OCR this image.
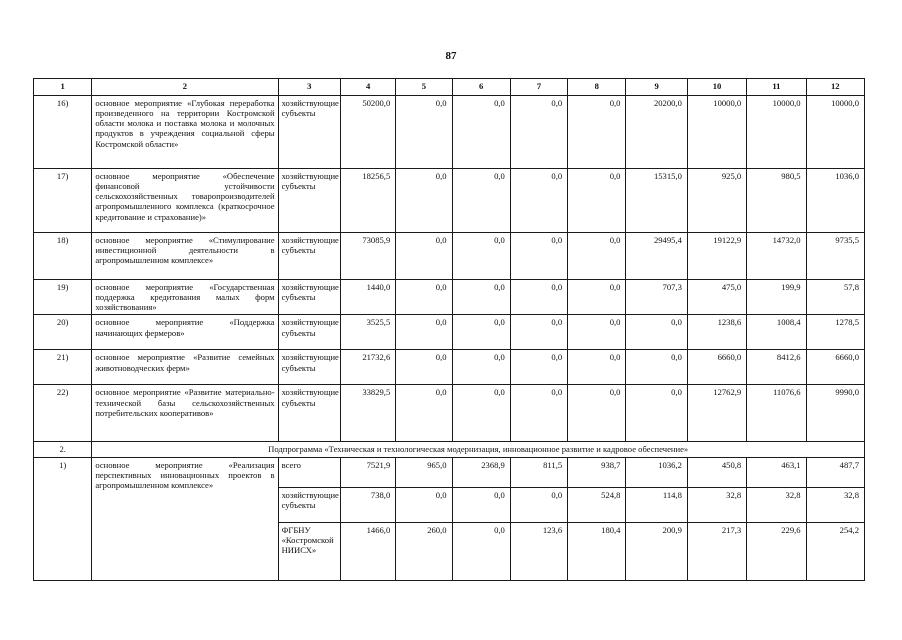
87
1	2	3	4	5	6	7	8	9	10	11	12
16)	основное мероприятие «Глубокая переработка произведенного на территории Костромской области молока и поставка молока и молочных продуктов в учреждения социальной сферы Костромской области»	хозяйствующие субъекты	50200,0	0,0	0,0	0,0	0,0	20200,0	10000,0	10000,0	10000,0
17)	основное мероприятие «Обеспечение финансовой устойчивости сельскохозяйственных товаропроизводителей агропромышленного комплекса (краткосрочное кредитование и страхование)»	хозяйствующие субъекты	18256,5	0,0	0,0	0,0	0,0	15315,0	925,0	980,5	1036,0
18)	основное мероприятие «Стимулирование инвестиционной деятельности в агропромышленном комплексе»	хозяйствующие субъекты	73085,9	0,0	0,0	0,0	0,0	29495,4	19122,9	14732,0	9735,5
19)	основное мероприятие «Государственная поддержка кредитования малых форм хозяйствования»	хозяйствующие субъекты	1440,0	0,0	0,0	0,0	0,0	707,3	475,0	199,9	57,8
20)	основное мероприятие «Поддержка начинающих фермеров»	хозяйствующие субъекты	3525,5	0,0	0,0	0,0	0,0	0,0	1238,6	1008,4	1278,5
21)	основное мероприятие «Развитие семейных животноводческих ферм»	хозяйствующие субъекты	21732,6	0,0	0,0	0,0	0,0	0,0	6660,0	8412,6	6660,0
22)	основное мероприятие «Развитие материально-технической базы сельскохозяйственных потребительских кооперативов»	хозяйствующие субъекты	33829,5	0,0	0,0	0,0	0,0	0,0	12762,9	11076,6	9990,0
2.	Подпрограмма «Техническая и технологическая модернизация, инновационное развитие и кадровое обеспечение»										
1)	основное мероприятие «Реализация перспективных инновационных проектов в агропромышленном комплексе»	всего	7521,9	965,0	2368,9	811,5	938,7	1036,2	450,8	463,1	487,7
		хозяйствующие субъекты	738,0	0,0	0,0	0,0	524,8	114,8	32,8	32,8	32,8
		ФГБНУ «Костромской НИИСХ»	1466,0	260,0	0,0	123,6	180,4	200,9	217,3	229,6	254,2
